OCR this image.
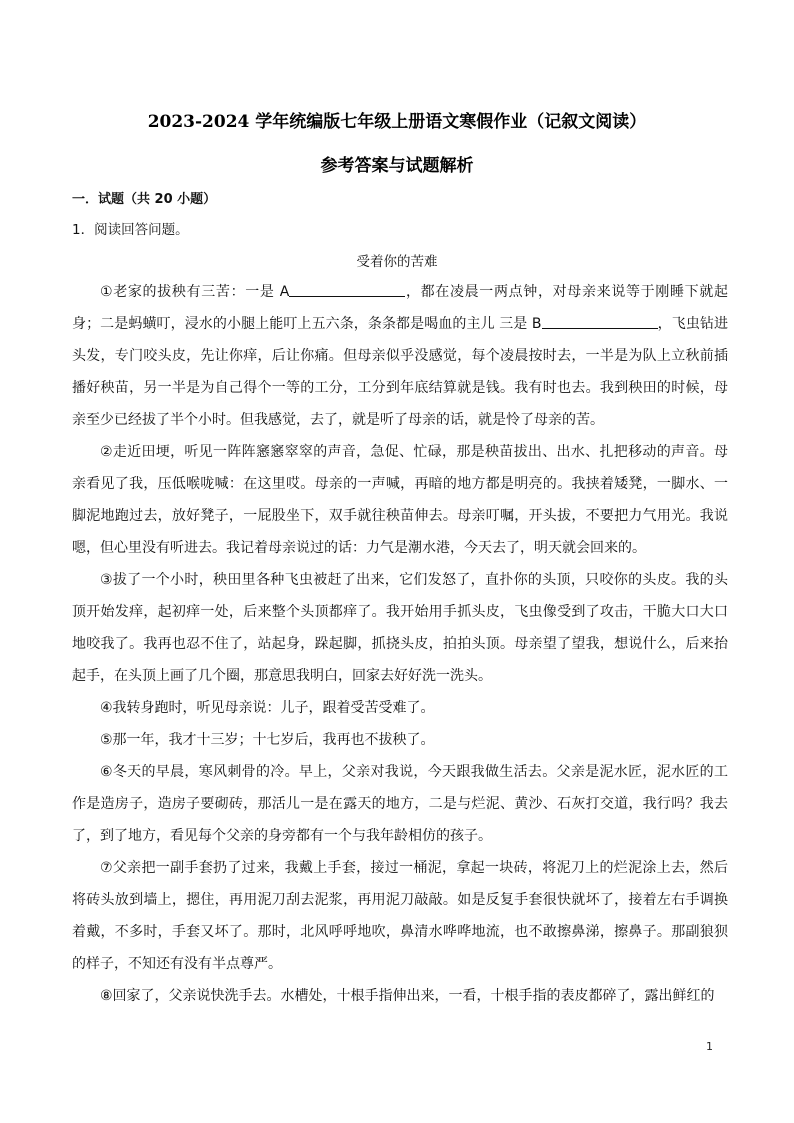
2023-2024 学年统编版七年级上册语文寒假作业（记叙文阅读）
参考答案与试题解析
一．试题（共 20 小题）
1．阅读回答问题。
受着你的苦难

①老家的拔秧有三苦：一是 A	，都在凌晨一两点钟，对母亲来说等于刚睡下就起身；二是蚂蟥叮，浸水的小腿上能叮上五六条，条条都是喝血的主儿 三是 B	，飞虫钻进头发，专门咬头皮，先让你痒，后让你痛。但母亲似乎没感觉，每个凌晨按时去，一半是为队上立秋前插播好秧苗，另一半是为自己得个一等的工分，工分到年底结算就是钱。我有时也去。我到秧田的时候，母亲至少已经拔了半个小时。但我感觉，去了，就是听了母亲的话，就是怜了母亲的苦。

②走近田埂，听见一阵阵窸窸窣窣的声音，急促、忙碌，那是秧苗拔出、出水、扎把移动的声音。母亲看见了我，压低喉咙喊：在这里哎。母亲的一声喊，再暗的地方都是明亮的。我挟着矮凳，一脚水、一脚泥地跑过去，放好凳子，一屁股坐下，双手就往秧苗伸去。母亲叮嘱，开头拔，不要把力气用光。我说嗯，但心里没有听进去。我记着母亲说过的话：力气是潮水港，今天去了，明天就会回来的。

③拔了一个小时，秧田里各种飞虫被赶了出来，它们发怒了，直扑你的头顶，只咬你的头皮。我的头顶开始发痒，起初痒一处，后来整个头顶都痒了。我开始用手抓头皮，飞虫像受到了攻击，干脆大口大口地咬我了。我再也忍不住了，站起身，跺起脚，抓挠头皮，拍拍头顶。母亲望了望我，想说什么，后来抬起手，在头顶上画了几个圈，那意思我明白，回家去好好洗一洗头。

④我转身跑时，听见母亲说：儿子，跟着受苦受难了。

⑤那一年，我才十三岁；十七岁后，我再也不拔秧了。

⑥冬天的早晨，寒风刺骨的冷。早上，父亲对我说，今天跟我做生活去。父亲是泥水匠，泥水匠的工作是造房子，造房子要砌砖，那活儿一是在露天的地方，二是与烂泥、黄沙、石灰打交道，我行吗？我去了，到了地方，看见每个父亲的身旁都有一个与我年龄相仿的孩子。

⑦父亲把一副手套扔了过来，我戴上手套，接过一桶泥，拿起一块砖，将泥刀上的烂泥涂上去，然后将砖头放到墙上，摁住，再用泥刀刮去泥浆，再用泥刀敲敲。如是反复手套很快就坏了，接着左右手调换着戴，不多时，手套又坏了。那时，北风呼呼地吹，鼻清水哗哗地流，也不敢擦鼻涕，擦鼻子。那副狼狈的样子，不知还有没有半点尊严。

⑧回家了，父亲说快洗手去。水槽处，十根手指伸出来，一看，十根手指的表皮都碎了，露出鲜红的

1
